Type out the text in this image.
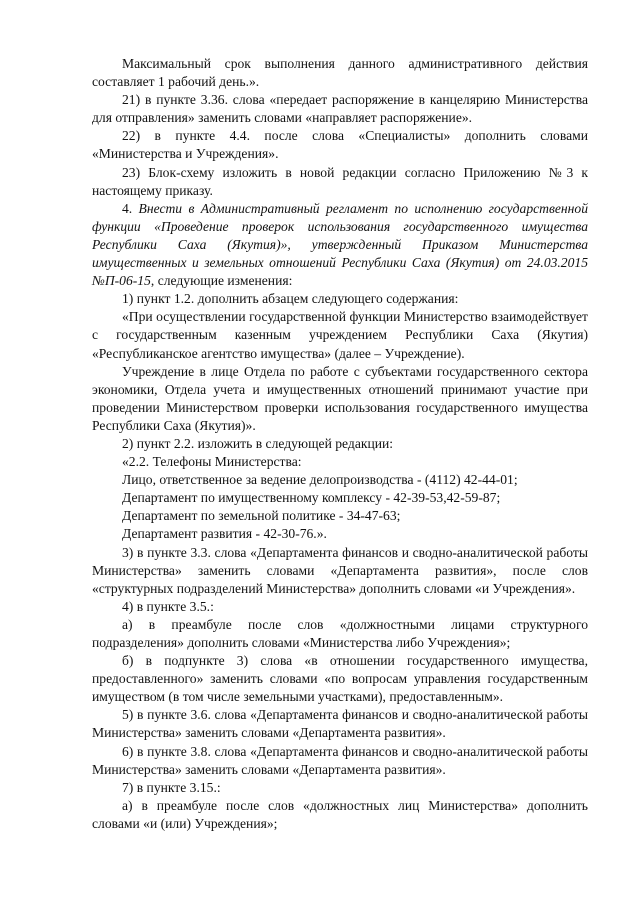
Максимальный срок выполнения данного административного действия составляет 1 рабочий день.».

21) в пункте 3.36. слова «передает распоряжение в канцелярию Министерства для отправления» заменить словами «направляет распоряжение».

22) в пункте 4.4. после слова «Специалисты» дополнить словами «Министерства и Учреждения».

23) Блок-схему изложить в новой редакции согласно Приложению №3 к настоящему приказу.

4. Внести в Административный регламент по исполнению государственной функции «Проведение проверок использования государственного имущества Республики Саха (Якутия)», утвержденный Приказом Министерства имущественных и земельных отношений Республики Саха (Якутия) от 24.03.2015 №П-06-15, следующие изменения:

1) пункт 1.2. дополнить абзацем следующего содержания:

«При осуществлении государственной функции Министерство взаимодействует с государственным казенным учреждением Республики Саха (Якутия) «Республиканское агентство имущества» (далее – Учреждение).

Учреждение в лице Отдела по работе с субъектами государственного сектора экономики, Отдела учета и имущественных отношений принимают участие при проведении Министерством проверки использования государственного имущества Республики Саха (Якутия)».

2) пункт 2.2. изложить в следующей редакции:

«2.2. Телефоны Министерства:

Лицо, ответственное за ведение делопроизводства - (4112) 42-44-01;

Департамент по имущественному комплексу - 42-39-53,42-59-87;

Департамент по земельной политике - 34-47-63;

Департамент развития - 42-30-76.».

3) в пункте 3.3. слова «Департамента финансов и сводно-аналитической работы Министерства» заменить словами «Департамента развития», после слов «структурных подразделений Министерства» дополнить словами «и Учреждения».

4) в пункте 3.5.:

а) в преамбуле после слов «должностными лицами структурного подразделения» дополнить словами «Министерства либо Учреждения»;

б) в подпункте 3) слова «в отношении государственного имущества, предоставленного» заменить словами «по вопросам управления государственным имуществом (в том числе земельными участками), предоставленным».

5) в пункте 3.6. слова «Департамента финансов и сводно-аналитической работы Министерства» заменить словами «Департамента развития».

6) в пункте 3.8. слова «Департамента финансов и сводно-аналитической работы Министерства» заменить словами «Департамента развития».

7) в пункте 3.15.:

а) в преамбуле после слов «должностных лиц Министерства» дополнить словами «и (или) Учреждения»;
